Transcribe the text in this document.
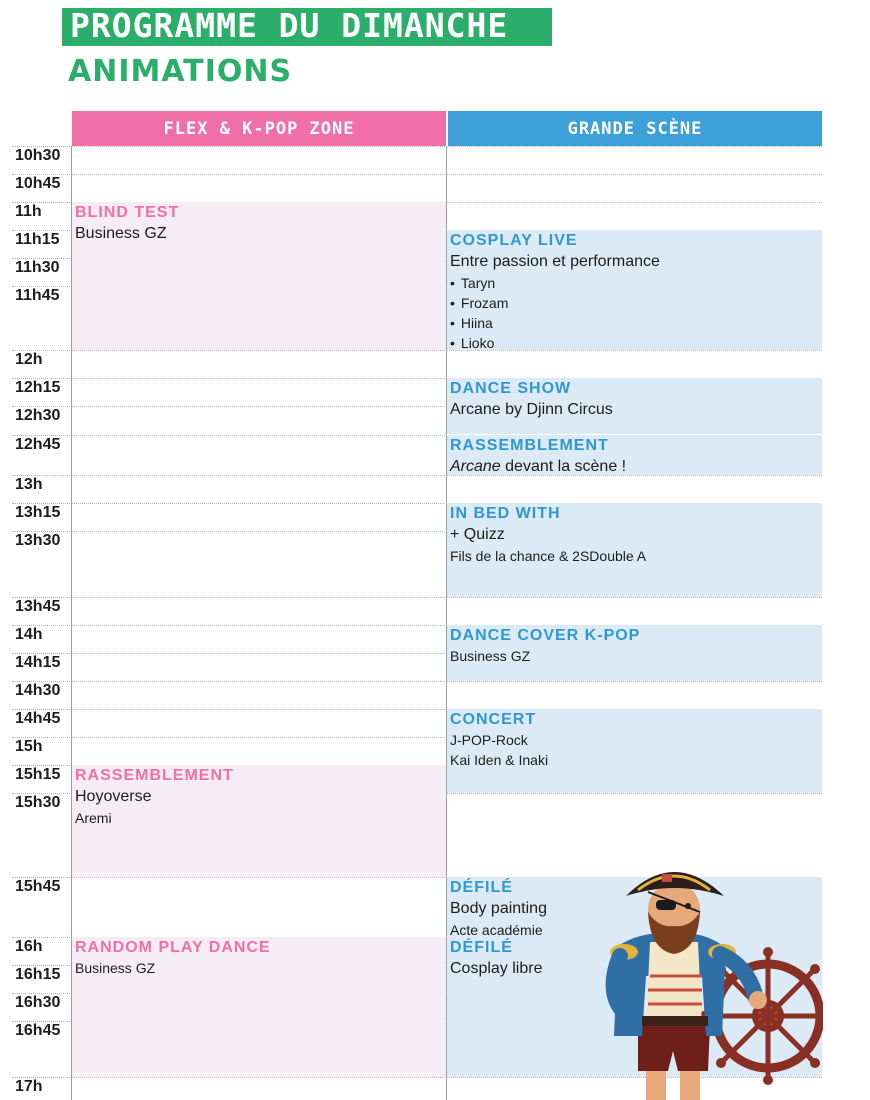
PROGRAMME DU DIMANCHE
ANIMATIONS
FLEX & K-POP ZONE	GRANDE SCÈNE
10h30
10h45
11h
11h15
11h30
11h45
12h
12h15
12h30
12h45
13h
13h15
13h30
13h45
14h
14h15
14h30
14h45
15h
15h15
15h30
15h45
16h
16h15
16h30
16h45
17h
BLIND TEST
Business GZ
RASSEMBLEMENT
Hoyoverse
Aremi
RANDOM PLAY DANCE
Business GZ
COSPLAY LIVE
Entre passion et performance
• Taryn
• Frozam
• Hiina
• Lioko
DANCE SHOW
Arcane by Djinn Circus
RASSEMBLEMENT
Arcane devant la scène !
IN BED WITH
+ Quizz
Fils de la chance & 2SDouble A
DANCE COVER K-POP
Business GZ
CONCERT
J-POP-Rock
Kai Iden & Inaki
DÉFILÉ
Body painting
Acte académie
DÉFILÉ
Cosplay libre
